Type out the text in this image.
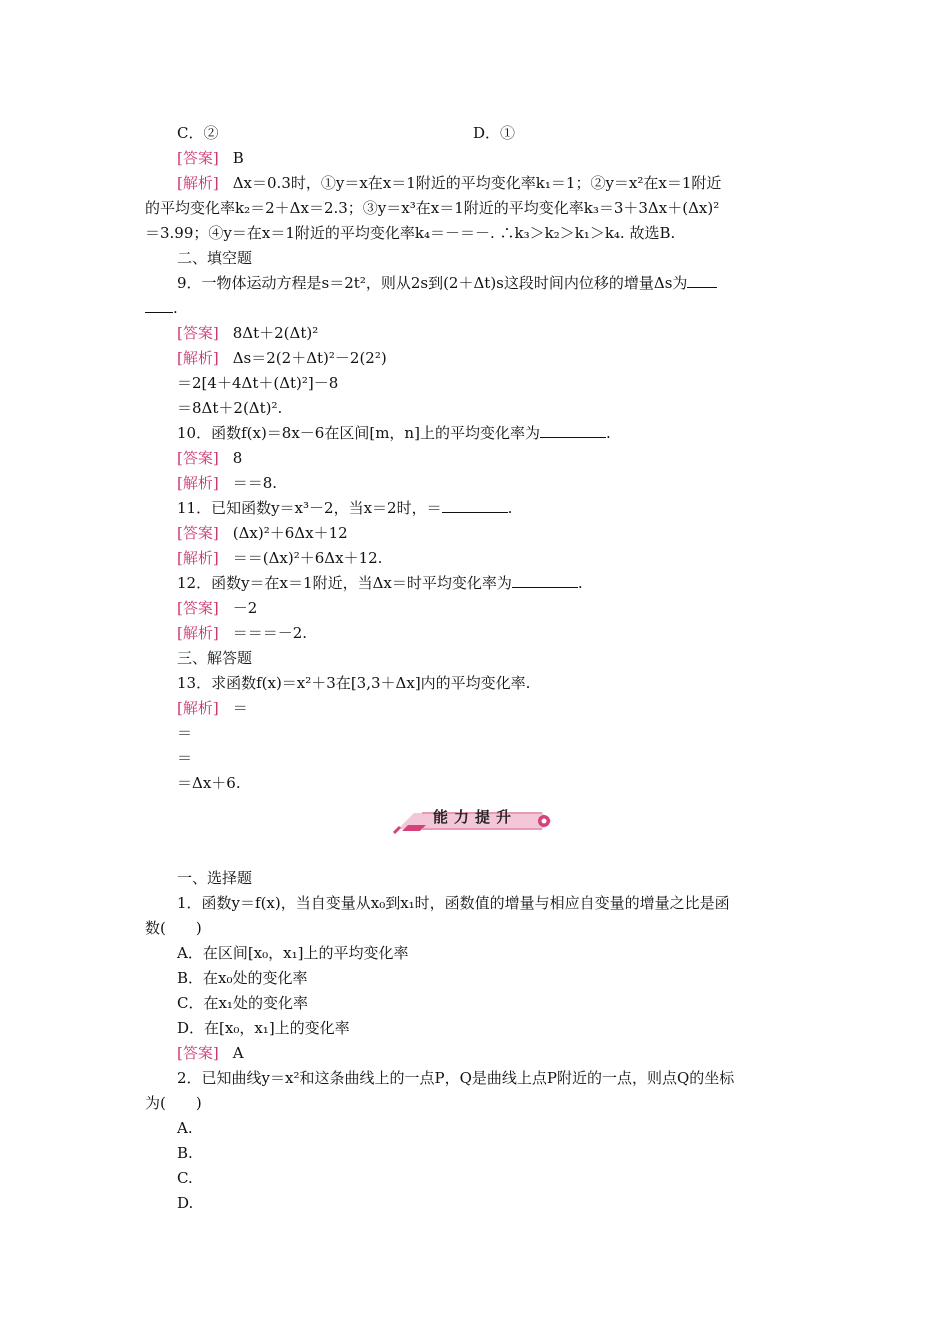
C．②	D．①
[答案] B
[解析] Δx＝0.3时，①y＝x在x＝1附近的平均变化率k₁＝1；②y＝x²在x＝1附近
的平均变化率k₂＝2＋Δx＝2.3；③y＝x³在x＝1附近的平均变化率k₃＝3＋3Δx＋(Δx)²
＝3.99；④y＝在x＝1附近的平均变化率k₄＝－＝－. ∴k₃＞k₂＞k₁＞k₄. 故选B.
二、填空题
9．一物体运动方程是s＝2t²，则从2s到(2＋Δt)s这段时间内位移的增量Δs为
.
[答案] 8Δt＋2(Δt)²
[解析] Δs＝2(2＋Δt)²－2(2²)
＝2[4＋4Δt＋(Δt)²]－8
＝8Δt＋2(Δt)².
10．函数f(x)＝8x－6在区间[m，n]上的平均变化率为	.
[答案] 8
[解析] ＝＝8.
11．已知函数y＝x³－2，当x＝2时，＝	.
[答案] (Δx)²＋6Δx＋12
[解析] ＝＝(Δx)²＋6Δx＋12.
12．函数y＝在x＝1附近，当Δx＝时平均变化率为	.
[答案] －2
[解析] ＝＝＝－2.
三、解答题
13．求函数f(x)＝x²＋3在[3,3＋Δx]内的平均变化率.
[解析] ＝
＝
＝
＝Δx＋6.
能力提升
一、选择题
1．函数y＝f(x)，当自变量从x₀到x₁时，函数值的增量与相应自变量的增量之比是函
数(　　)
A．在区间[x₀，x₁]上的平均变化率
B．在x₀处的变化率
C．在x₁处的变化率
D．在[x₀，x₁]上的变化率
[答案] A
2．已知曲线y＝x²和这条曲线上的一点P，Q是曲线上点P附近的一点，则点Q的坐标
为(　　)
A.
B.
C.
D.
